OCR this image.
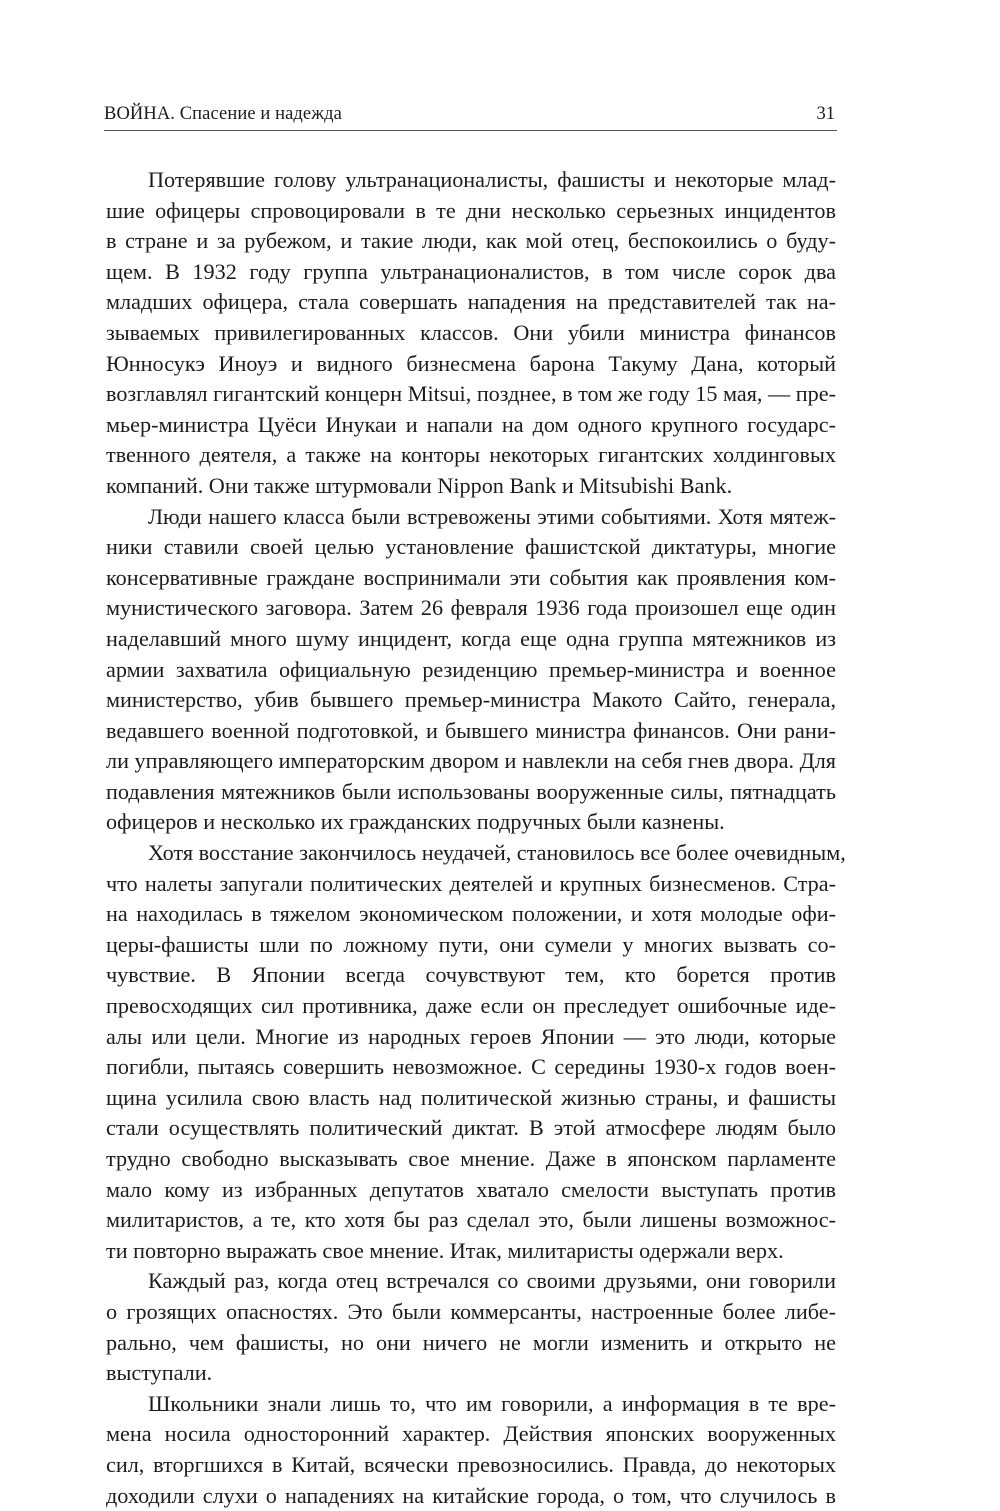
ВОЙНА. Спасение и надежда	31
Потерявшие голову ультранационалисты, фашисты и некоторые млад-
шие офицеры спровоцировали в те дни несколько серьезных инцидентов
в стране и за рубежом, и такие люди, как мой отец, беспокоились о буду-
щем. В 1932 году группа ультранационалистов, в том числе сорок два
младших офицера, стала совершать нападения на представителей так на-
зываемых привилегированных классов. Они убили министра финансов
Юнносукэ Иноуэ и видного бизнесмена барона Такуму Дана, который
возглавлял гигантский концерн Mitsui, позднее, в том же году 15 мая, — пре-
мьер-министра Цуёси Инукаи и напали на дом одного крупного государс-
твенного деятеля, а также на конторы некоторых гигантских холдинговых
компаний. Они также штурмовали Nippon Bank и Mitsubishi Bank.
Люди нашего класса были встревожены этими событиями. Хотя мятеж-
ники ставили своей целью установление фашистской диктатуры, многие
консервативные граждане воспринимали эти события как проявления ком-
мунистического заговора. Затем 26 февраля 1936 года произошел еще один
наделавший много шуму инцидент, когда еще одна группа мятежников из
армии захватила официальную резиденцию премьер-министра и военное
министерство, убив бывшего премьер-министра Макото Сайто, генерала,
ведавшего военной подготовкой, и бывшего министра финансов. Они рани-
ли управляющего императорским двором и навлекли на себя гнев двора. Для
подавления мятежников были использованы вооруженные силы, пятнадцать
офицеров и несколько их гражданских подручных были казнены.
Хотя восстание закончилось неудачей, становилось все более очевидным,
что налеты запугали политических деятелей и крупных бизнесменов. Стра-
на находилась в тяжелом экономическом положении, и хотя молодые офи-
церы-фашисты шли по ложному пути, они сумели у многих вызвать со-
чувствие. В Японии всегда сочувствуют тем, кто борется против
превосходящих сил противника, даже если он преследует ошибочные иде-
алы или цели. Многие из народных героев Японии — это люди, которые
погибли, пытаясь совершить невозможное. С середины 1930-х годов воен-
щина усилила свою власть над политической жизнью страны, и фашисты
стали осуществлять политический диктат. В этой атмосфере людям было
трудно свободно высказывать свое мнение. Даже в японском парламенте
мало кому из избранных депутатов хватало смелости выступать против
милитаристов, а те, кто хотя бы раз сделал это, были лишены возможнос-
ти повторно выражать свое мнение. Итак, милитаристы одержали верх.
Каждый раз, когда отец встречался со своими друзьями, они говорили
о грозящих опасностях. Это были коммерсанты, настроенные более либе-
рально, чем фашисты, но они ничего не могли изменить и открыто не
выступали.
Школьники знали лишь то, что им говорили, а информация в те вре-
мена носила односторонний характер. Действия японских вооруженных
сил, вторгшихся в Китай, всячески превозносились. Правда, до некоторых
доходили слухи о нападениях на китайские города, о том, что случилось в
